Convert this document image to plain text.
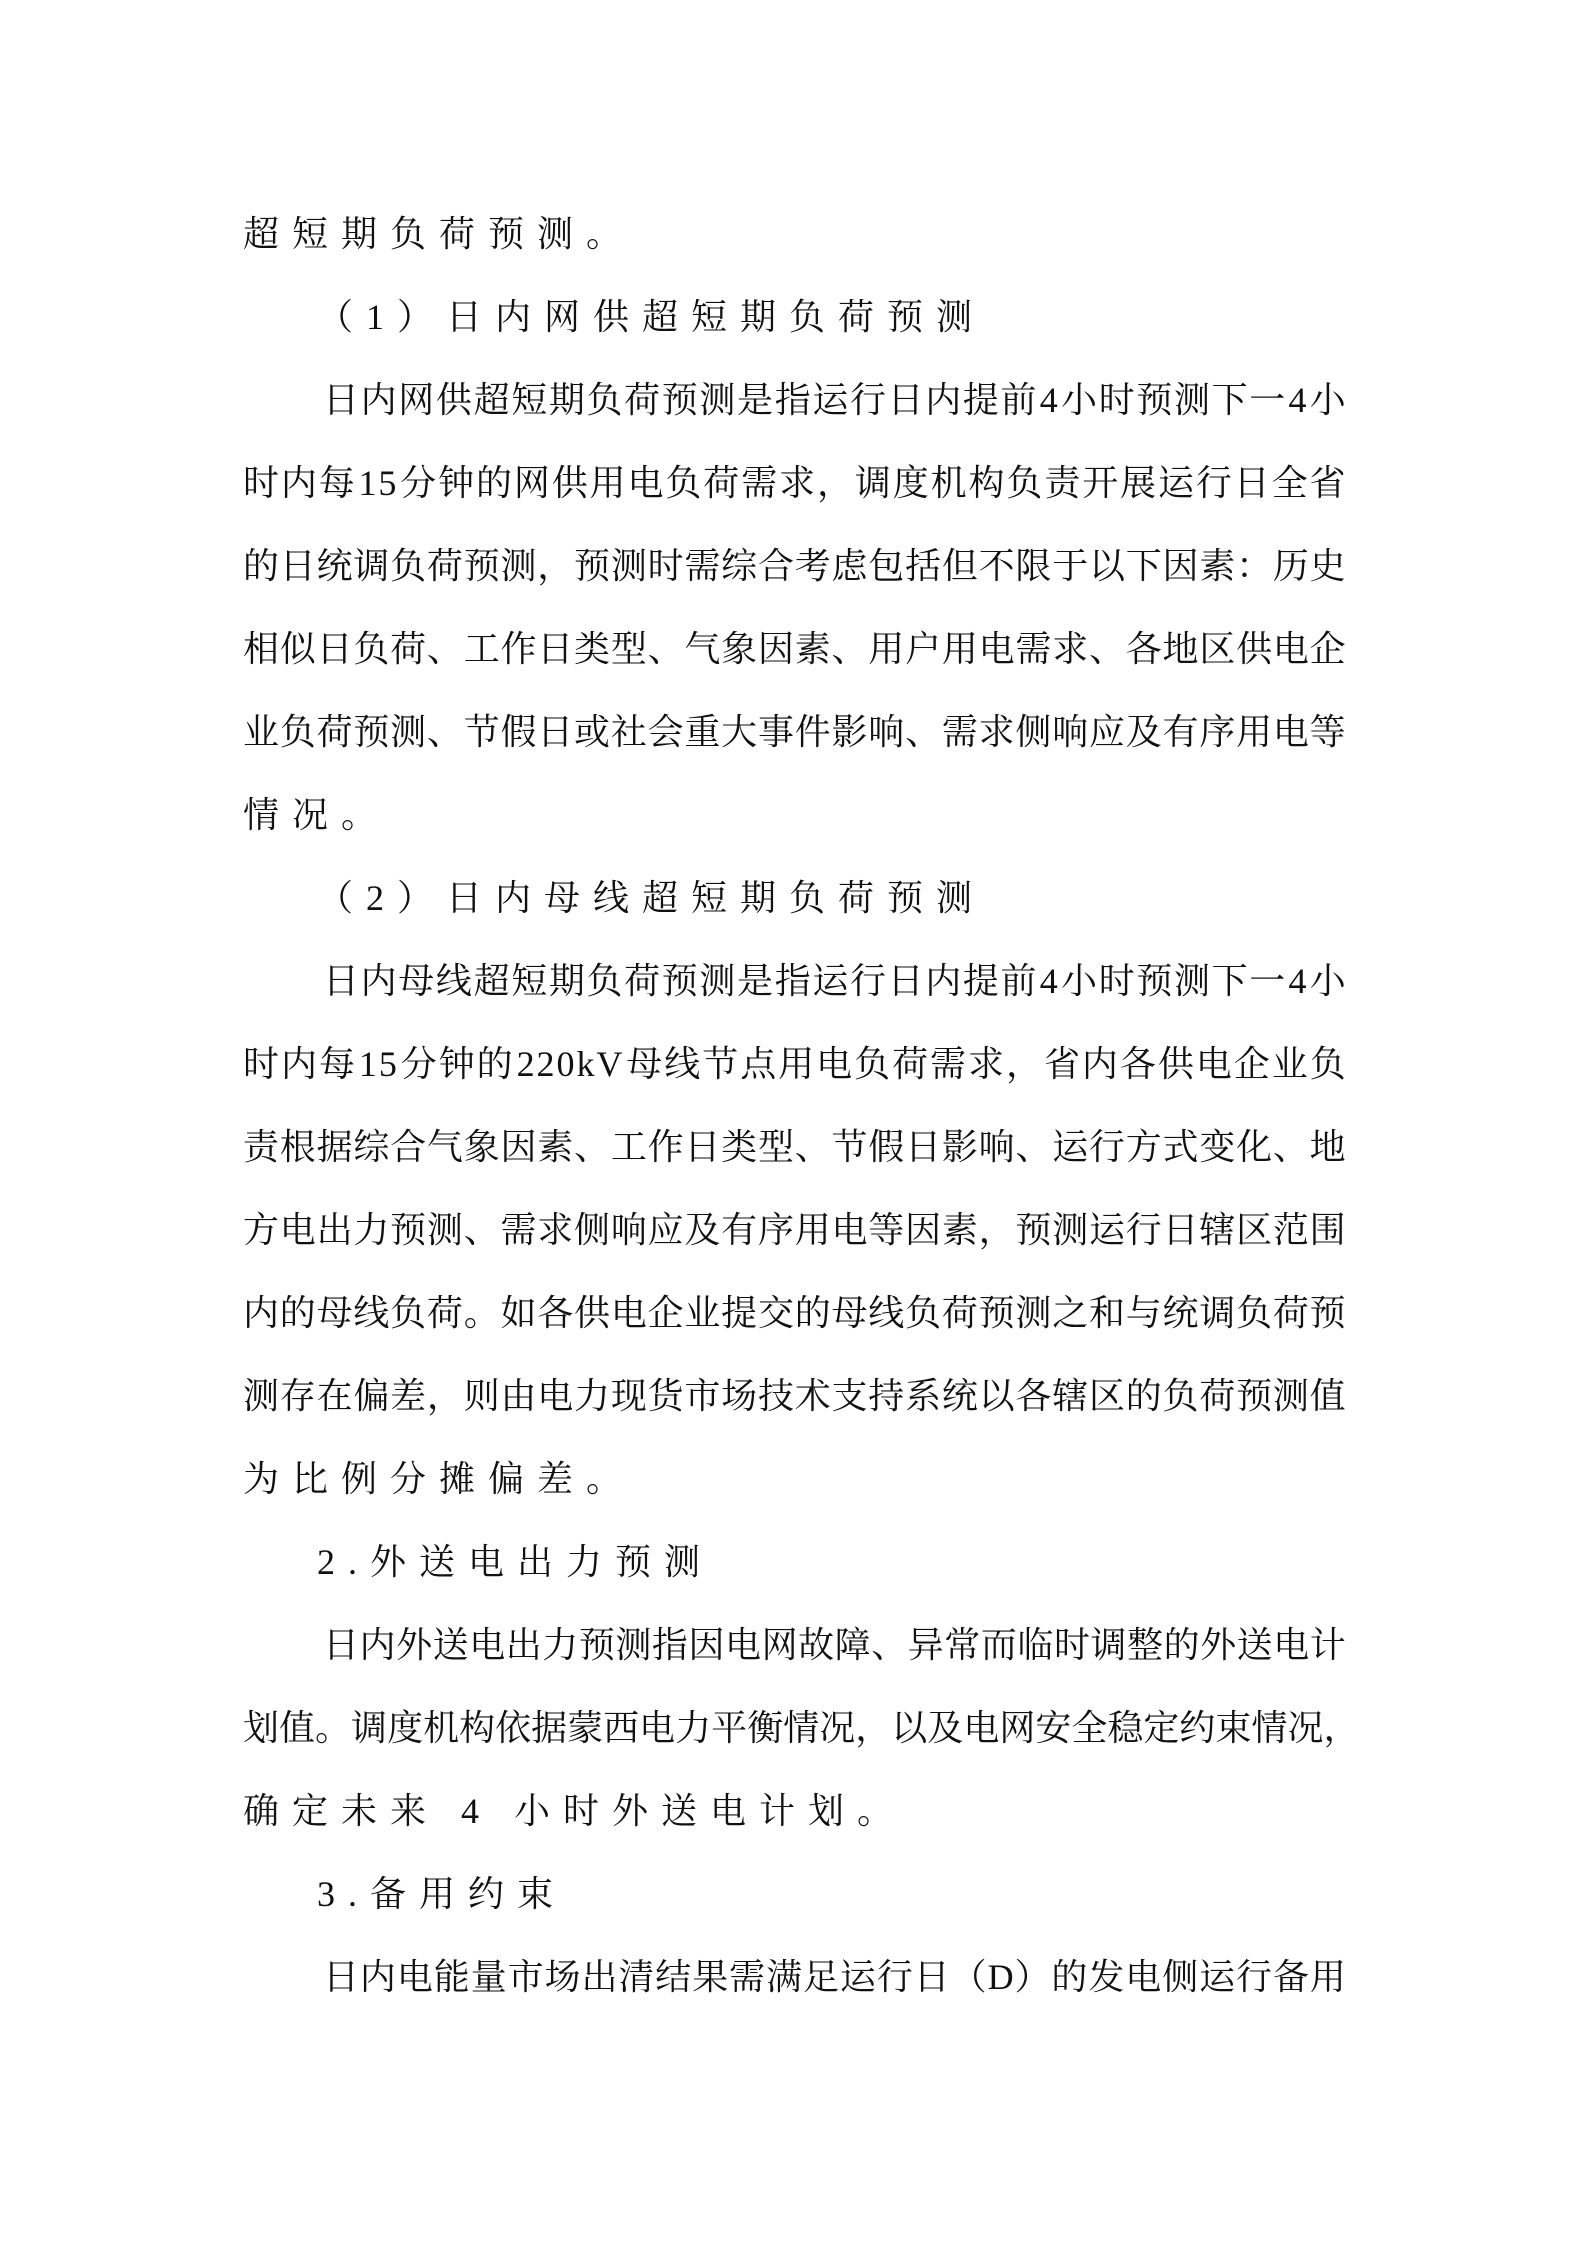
超短期负荷预测。
（1）日内网供超短期负荷预测
日 内 网 供 超 短 期 负 荷 预 测 是 指 运 行 日 内 提 前
4
小 时 预 测 下 一
4
小
时 内 每
1 5
分 钟 的 网 供 用 电 负 荷 需 求 ， 调 度 机 构 负 责 开 展 运 行 日 全 省
的 日 统 调 负 荷 预 测 ， 预 测 时 需 综 合 考 虑 包 括 但 不 限 于 以 下 因 素 ： 历 史
相 似 日 负 荷 、 工 作 日 类 型 、 气 象 因 素 、 用 户 用 电 需 求 、 各 地 区 供 电 企
业 负 荷 预 测 、 节 假 日 或 社 会 重 大 事 件 影 响 、 需 求 侧 响 应 及 有 序 用 电 等
情况。
（2）日内母线超短期负荷预测
日 内 母 线 超 短 期 负 荷 预 测 是 指 运 行 日 内 提 前
4
小 时 预 测 下 一
4
小
时 内 每
1 5
分 钟 的
2 2 0 k V
母 线 节 点 用 电 负 荷 需 求 ， 省 内 各 供 电 企 业 负
责 根 据 综 合 气 象 因 素 、 工 作 日 类 型 、 节 假 日 影 响 、 运 行 方 式 变 化 、 地
方 电 出 力 预 测 、 需 求 侧 响 应 及 有 序 用 电 等 因 素 ， 预 测 运 行 日 辖 区 范 围
内 的 母 线 负 荷 。 如 各 供 电 企 业 提 交 的 母 线 负 荷 预 测 之 和 与 统 调 负 荷 预
测 存 在 偏 差 ， 则 由 电 力 现 货 市 场 技 术 支 持 系 统 以 各 辖 区 的 负 荷 预 测 值
为比例分摊偏差。
2.外送电出力预测
日 内 外 送 电 出 力 预 测 指 因 电 网 故 障 、 异 常 而 临 时 调 整 的 外 送 电 计
划 值 。 调 度 机 构 依 据 蒙 西 电 力 平 衡 情 况 ， 以 及 电 网 安 全 稳 定 约 束 情 况 ，
确定未来 4 小时外送电计划。
3.备用约束
日 内 电 能 量 市 场 出 清 结 果 需 满 足 运 行 日 （ D ） 的 发 电 侧 运 行 备 用
